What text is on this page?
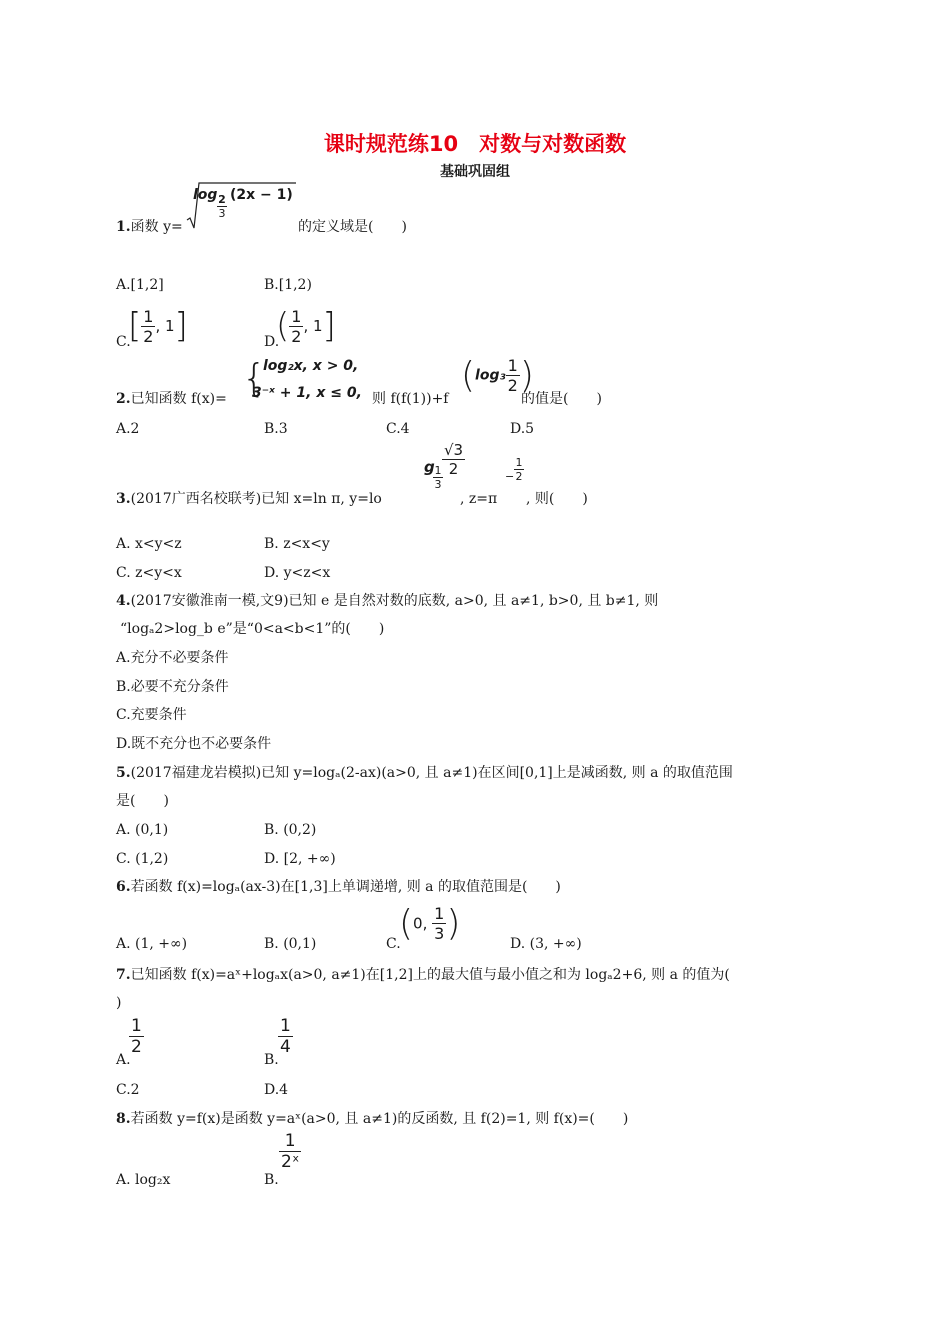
课时规范练10　对数与对数函数
基础巩固组
1.函数 y=
log 2
3
(2x − 1)
的定义域是(　　)
A.[1,2]	B.[1,2)
C.
[ $\frac{1}{2}$ , 1]	D.
( $\frac{1}{2}$ , 1]
2.已知函数 f(x)= {
log₂x, x > 0,
3⁻ˣ + 1, x ≤ 0, 则 f(f(1))+f
($\log_3 \frac{1}{2}$ )
的值是(　　)
A.2	B.3	C.4	D.5
3.(2017广西名校联考)已知 x=ln π, y=lo
g 1
3
$\frac{√3}{2}$
, z=π
−
1
2
, 则(　　)
A. x<y<z	B. z<x<y
C. z<y<x	D. y<z<x
4.(2017安徽淮南一模,文9)已知 e 是自然对数的底数, a>0, 且 a≠1, b>0, 且 b≠1, 则
“logₐ2>log_b e”是“0<a<b<1”的(　　)
A.充分不必要条件
B.必要不充分条件
C.充要条件
D.既不充分也不必要条件
5.(2017福建龙岩模拟)已知 y=logₐ(2-ax)(a>0, 且 a≠1)在区间[0,1]上是减函数, 则 a 的取值范围
是(　　)
A. (0,1)	B. (0,2)
C. (1,2)	D. [2, +∞)
6.若函数 f(x)=logₐ(ax-3)在[1,3]上单调递增, 则 a 的取值范围是(　　)
A. (1, +∞)	B. (0,1)	C.
(0, $\frac{1}{3}$ )	D. (3, +∞)
7.已知函数 f(x)=aˣ+logₐx(a>0, a≠1)在[1,2]上的最大值与最小值之和为 logₐ2+6, 则 a 的值为(
)
A.
$\frac{1}{2}$
B.
$\frac{1}{4}$
C.2	D.4
8.若函数 y=f(x)是函数 y=aˣ(a>0, 且 a≠1)的反函数, 且 f(2)=1, 则 f(x)=(　　)
A. log₂x	B.
$\frac{1}{\text{2ˣ}}$
